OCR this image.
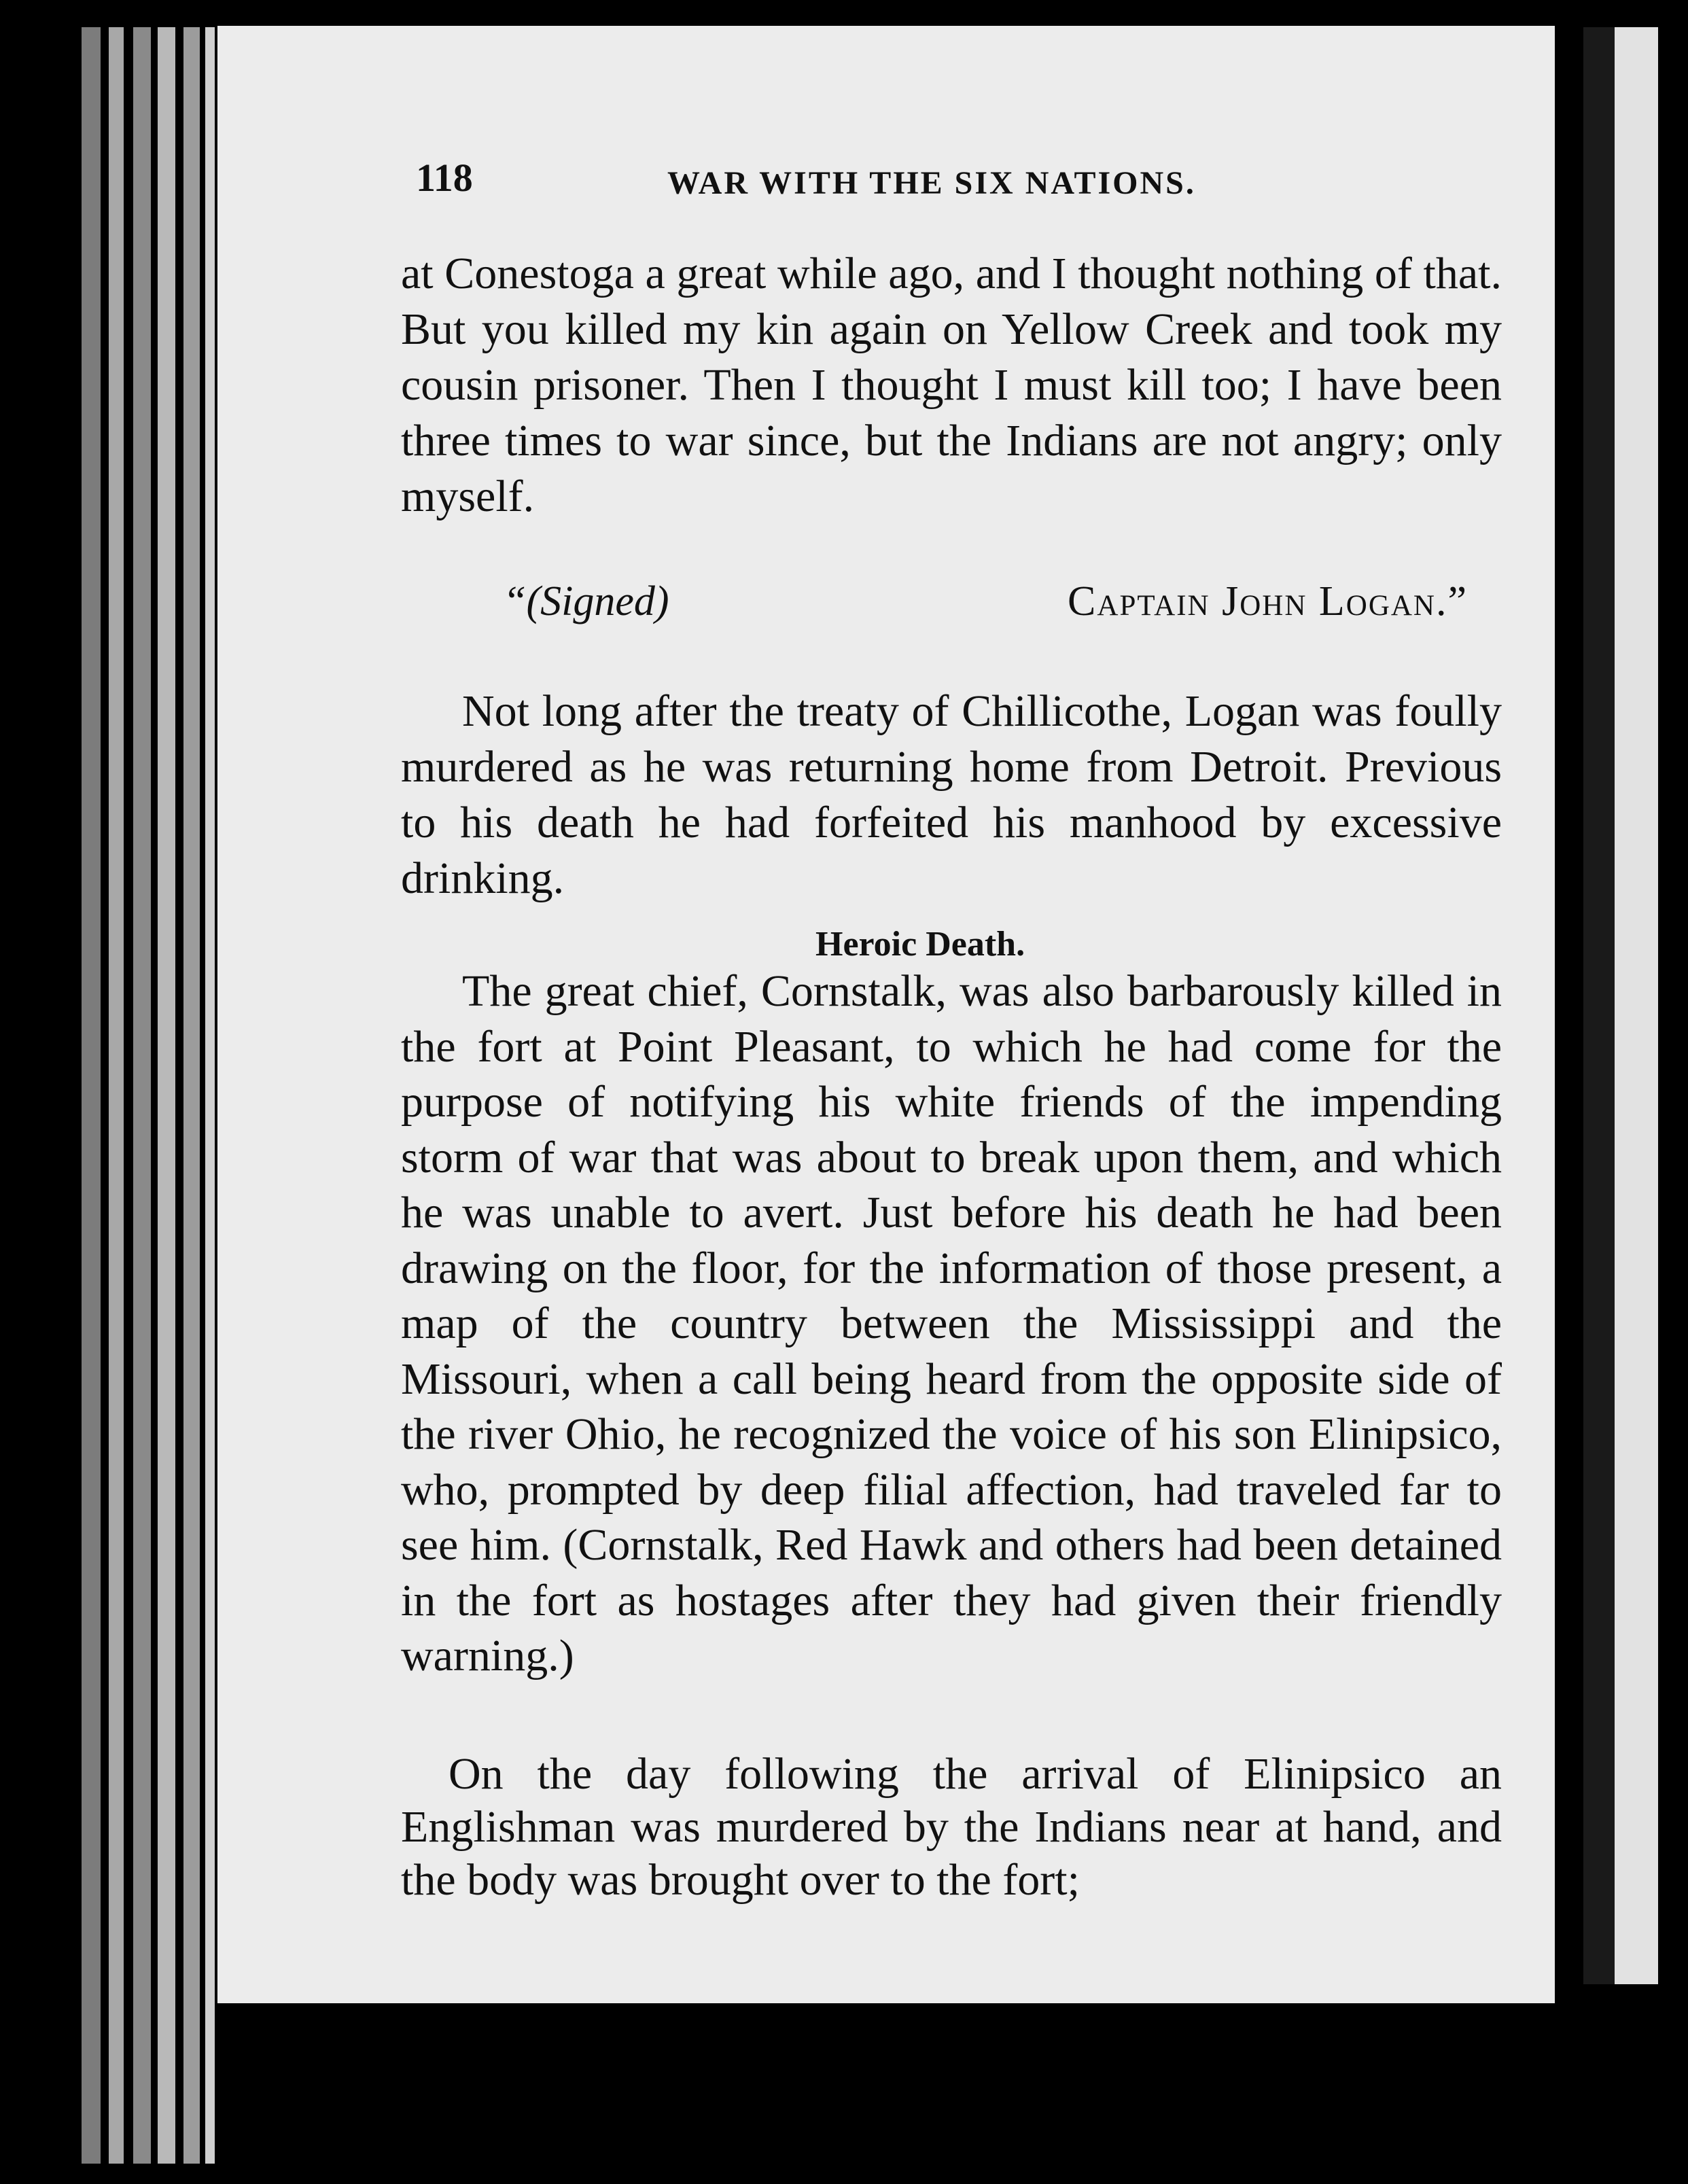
118	WAR WITH THE SIX NATIONS.

at Conestoga a great while ago, and I thought nothing of that. But you killed my kin again on Yellow Creek and took my cousin prisoner. Then I thought I must kill too; I have been three times to war since, but the Indians are not angry; only myself.

“(Signed)	Captain John Logan.”

Not long after the treaty of Chillicothe, Logan was foully murdered as he was returning home from Detroit. Previous to his death he had forfeited his manhood by excessive drinking.

Heroic Death.

The great chief, Cornstalk, was also barbarously killed in the fort at Point Pleasant, to which he had come for the purpose of notifying his white friends of the impending storm of war that was about to break upon them, and which he was unable to avert. Just before his death he had been drawing on the floor, for the information of those present, a map of the country between the Mississippi and the Missouri, when a call being heard from the opposite side of the river Ohio, he recognized the voice of his son Elinipsico, who, prompted by deep filial affection, had traveled far to see him. (Cornstalk, Red Hawk and others had been detained in the fort as hostages after they had given their friendly warning.)

On the day following the arrival of Elinipsico an Englishman was murdered by the Indians near at hand, and the body was brought over to the fort;
